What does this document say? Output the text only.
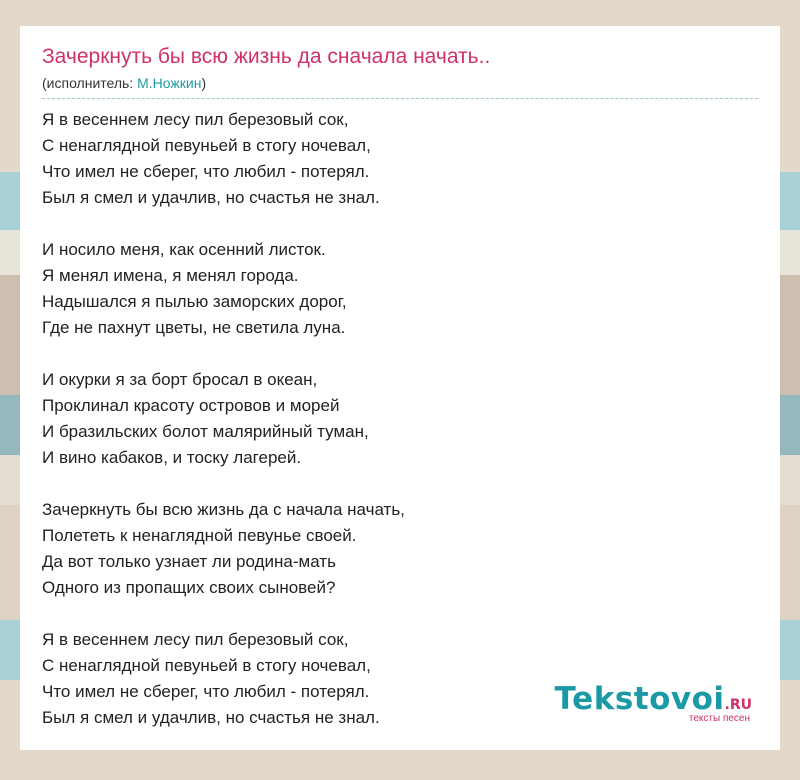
Зачеркнуть бы всю жизнь да сначала начать..
(исполнитель: М.Ножкин)
Я в весеннем лесу пил березовый сок,
С ненаглядной певуньей в стогу ночевал,
Что имел не сберег, что любил - потерял.
Был я смел и удачлив, но счастья не знал.
И носило меня, как осенний листок.
Я менял имена, я менял города.
Надышался я пылью заморских дорог,
Где не пахнут цветы, не светила луна.
И окурки я за борт бросал в океан,
Проклинал красоту островов и морей
И бразильских болот малярийный туман,
И вино кабаков, и тоску лагерей.
Зачеркнуть бы всю жизнь да с начала начать,
Полететь к ненаглядной певунье своей.
Да вот только узнает ли родина-мать
Одного из пропащих своих сыновей?
Я в весеннем лесу пил березовый сок,
С ненаглядной певуньей в стогу ночевал,
Что имел не сберег, что любил - потерял.
Был я смел и удачлив, но счастья не знал.
Tekstovoi.RU
тексты песен
